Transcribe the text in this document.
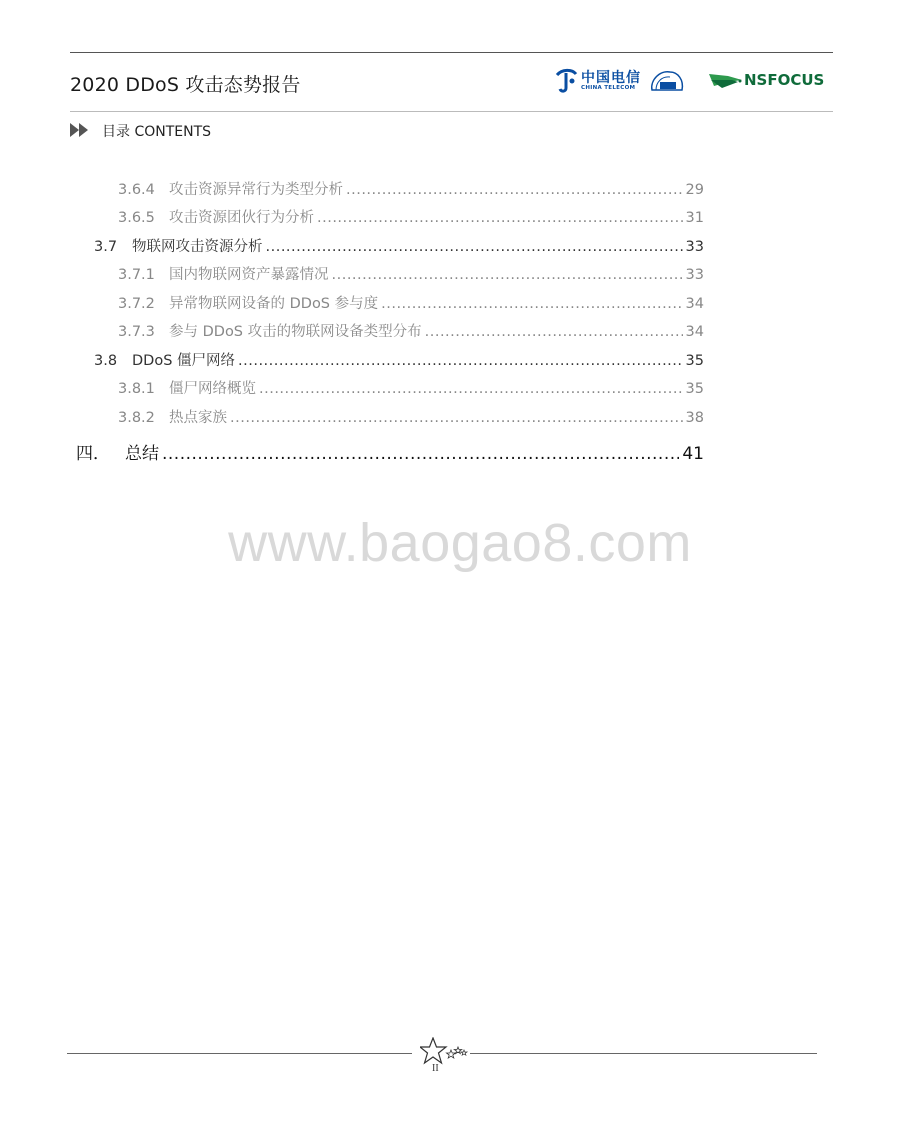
2020 DDoS 攻击态势报告	中国电信
CHINA TELECOM	NSFOCUS
目录 CONTENTS
3.6.4 攻击资源异常行为类型分析 .....	29
3.6.5 攻击资源团伙行为分析 .....	31
3.7	物联网攻击资源分析 .....	33
3.7.1 国内物联网资产暴露情况 .....	33
3.7.2 异常物联网设备的 DDoS 参与度 .....	34
3.7.3 参与 DDoS 攻击的物联网设备类型分布 .....	34
3.8	DDoS 僵尸网络 .....	35
3.8.1 僵尸网络概览 .....	35
3.8.2 热点家族 .....	38
四． 总结 .....	41
www.baogao8.com
II
